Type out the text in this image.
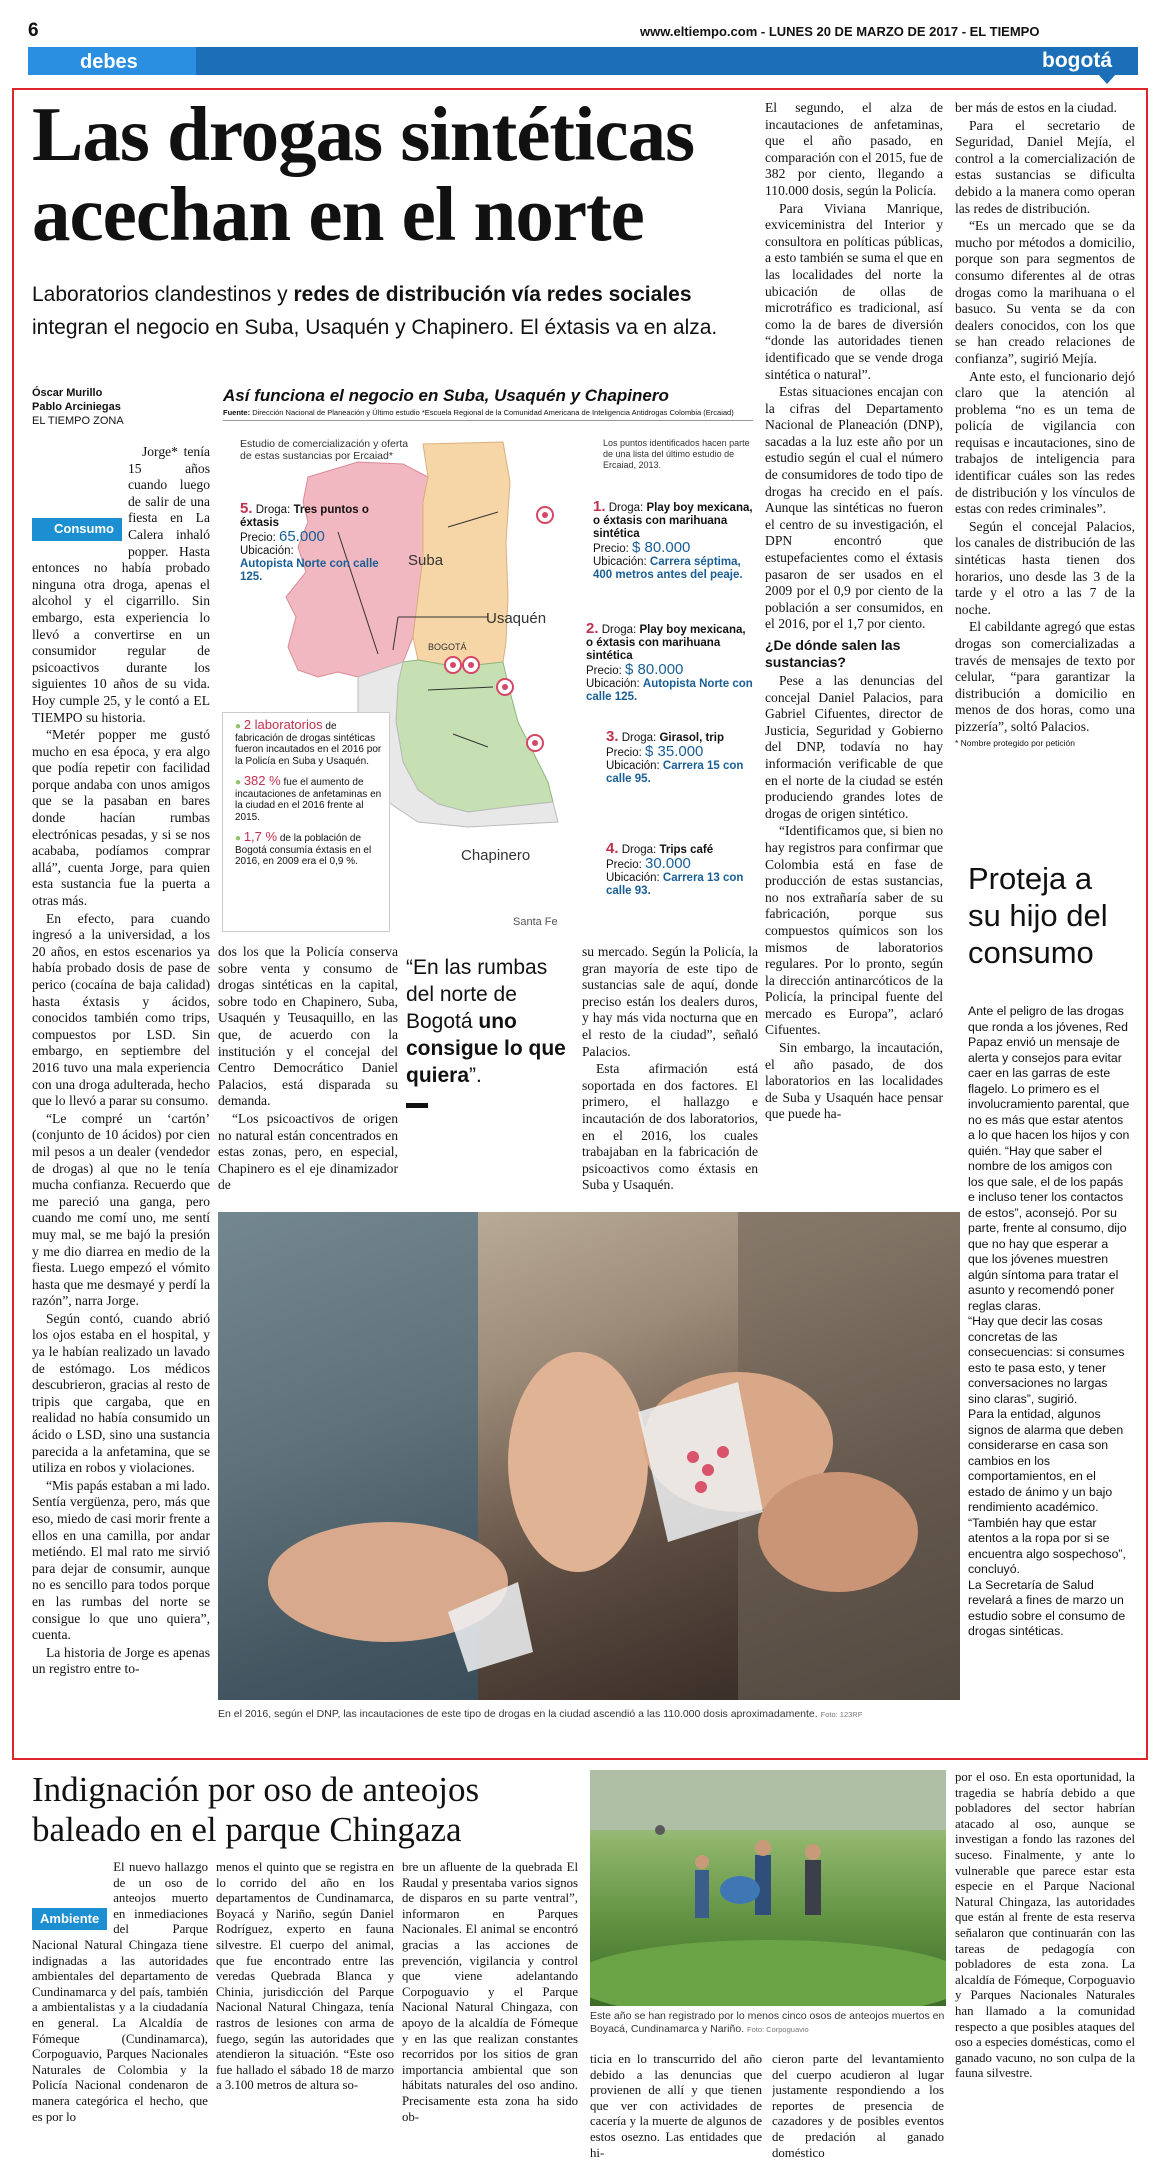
6	www.eltiempo.com - LUNES 20 DE MARZO DE 2017 - EL TIEMPO
debes saber
bogotá
Las drogas sintéticas
acechan en el norte
Laboratorios clandestinos y redes de distribución vía redes sociales
integran el negocio en Suba, Usaquén y Chapinero. El éxtasis va en alza.
Óscar Murillo
Pablo Arciniegas
EL TIEMPO ZONA

Consumo
Jorge* tenía 15 años cuando luego de salir de una fiesta en La Calera inhaló popper. Hasta entonces no había probado ninguna otra droga, apenas el alcohol y el cigarrillo. Sin embargo, esta experiencia lo llevó a convertirse en un consumidor regular de psicoactivos durante los siguientes 10 años de su vida. Hoy cumple 25, y le contó a EL TIEMPO su historia.

“Metér popper me gustó mucho en esa época, y era algo que podía repetir con facilidad porque andaba con unos amigos que se la pasaban en bares donde hacían rumbas electrónicas pesadas, y si se nos acababa, podíamos comprar allá”, cuenta Jorge, para quien esta sustancia fue la puerta a otras más.

En efecto, para cuando ingresó a la universidad, a los 20 años, en estos escenarios ya había probado dosis de pase de perico (cocaína de baja calidad) hasta éxtasis y ácidos, conocidos también como trips, compuestos por LSD. Sin embargo, en septiembre del 2016 tuvo una mala experiencia con una droga adulterada, hecho que lo llevó a parar su consumo.

“Le compré un ‘cartón’ (conjunto de 10 ácidos) por cien mil pesos a un dealer (vendedor de drogas) al que no le tenía mucha confianza. Recuerdo que me pareció una ganga, pero cuando me comí uno, me sentí muy mal, se me bajó la presión y me dio diarrea en medio de la fiesta. Luego empezó el vómito hasta que me desmayé y perdí la razón”, narra Jorge.

Según contó, cuando abrió los ojos estaba en el hospital, y ya le habían realizado un lavado de estómago. Los médicos descubrieron, gracias al resto de tripis que cargaba, que en realidad no había consumido un ácido o LSD, sino una sustancia parecida a la anfetamina, que se utiliza en robos y violaciones.

“Mis papás estaban a mi lado. Sentía vergüenza, pero, más que eso, miedo de casi morir frente a ellos en una camilla, por andar metiéndo. El mal rato me sirvió para dejar de consumir, aunque no es sencillo para todos porque en las rumbas del norte se consigue lo que uno quiera”, cuenta.

La historia de Jorge es apenas un registro entre to-

Así funciona el negocio en Suba, Usaquén y Chapinero
Fuente: Dirección Nacional de Planeación y Último estudio *Escuela Regional de la Comunidad Americana de Inteligencia Antidrogas Colombia (Ercaiad)
Suba
Usaquén
Chapinero
BOGOTÁ
Santa Fe
Estudio de comercialización y oferta de estas sustancias por Ercaiad*
Los puntos identificados hacen parte de una lista del último estudio de Ercaiad, 2013.
5. Droga: Tres puntos o éxtasis
Precio: 65.000
Ubicación:
Autopista Norte con calle 125.
1. Droga: Play boy mexicana, o éxtasis con marihuana sintética
Precio: $ 80.000
Ubicación: Carrera séptima, 400 metros antes del peaje.
2. Droga: Play boy mexicana, o éxtasis con marihuana sintética
Precio: $ 80.000
Ubicación: Autopista Norte con calle 125.
3. Droga: Girasol, trip
Precio: $ 35.000
Ubicación: Carrera 15 con calle 95.
4. Droga: Trips café
Precio: 30.000
Ubicación: Carrera 13 con calle 93.
● 2 laboratorios de fabricación de drogas sintéticas fueron incautados en el 2016 por la Policía en Suba y Usaquén.
● 382 % fue el aumento de incautaciones de anfetaminas en la ciudad en el 2016 frente al 2015.
● 1,7 % de la población de Bogotá consumía éxtasis en el 2016, en 2009 era el 0,9 %.

dos los que la Policía conserva sobre venta y consumo de drogas sintéticas en la capital, sobre todo en Chapinero, Suba, Usaquén y Teusaquillo, en las que, de acuerdo con la institución y el concejal del Centro Democrático Daniel Palacios, está disparada su demanda.

“Los psicoactivos de origen no natural están concentrados en estas zonas, pero, en especial, Chapinero es el eje dinamizador de

“En las rumbas del norte de Bogotá uno consigue lo que quiera”.

su mercado. Según la Policía, la gran mayoría de este tipo de sustancias sale de aquí, donde preciso están los dealers duros, y hay más vida nocturna que en el resto de la ciudad”, señaló Palacios.

Esta afirmación está soportada en dos factores. El primero, el hallazgo e incautación de dos laboratorios, en el 2016, los cuales trabajaban en la fabricación de psicoactivos como éxtasis en Suba y Usaquén.

El segundo, el alza de incautaciones de anfetaminas, que el año pasado, en comparación con el 2015, fue de 382 por ciento, llegando a 110.000 dosis, según la Policía.

Para Viviana Manrique, exviceministra del Interior y consultora en políticas públicas, a esto también se suma el que en las localidades del norte la ubicación de ollas de microtráfico es tradicional, así como la de bares de diversión “donde las autoridades tienen identificado que se vende droga sintética o natural”.

Estas situaciones encajan con la cifras del Departamento Nacional de Planeación (DNP), sacadas a la luz este año por un estudio según el cual el número de consumidores de todo tipo de drogas ha crecido en el país. Aunque las sintéticas no fueron el centro de su investigación, el DPN encontró que estupefacientes como el éxtasis pasaron de ser usados en el 2009 por el 0,9 por ciento de la población a ser consumidos, en el 2016, por el 1,7 por ciento.

¿De dónde salen las sustancias?

Pese a las denuncias del concejal Daniel Palacios, para Gabriel Cifuentes, director de Justicia, Seguridad y Gobierno del DNP, todavía no hay información verificable de que en el norte de la ciudad se estén produciendo grandes lotes de drogas de origen sintético.

“Identificamos que, si bien no hay registros para confirmar que Colombia está en fase de producción de estas sustancias, no nos extrañaría saber de su fabricación, porque sus compuestos químicos son los mismos de laboratorios regulares. Por lo pronto, según la dirección antinarcóticos de la Policía, la principal fuente del mercado es Europa”, aclaró Cifuentes.

Sin embargo, la incautación, el año pasado, de dos laboratorios en las localidades de Suba y Usaquén hace pensar que puede ha-

ber más de estos en la ciudad.

Para el secretario de Seguridad, Daniel Mejía, el control a la comercialización de estas sustancias se dificulta debido a la manera como operan las redes de distribución.

“Es un mercado que se da mucho por métodos a domicilio, porque son para segmentos de consumo diferentes al de otras drogas como la marihuana o el basuco. Su venta se da con dealers conocidos, con los que se han creado relaciones de confianza”, sugirió Mejía.

Ante esto, el funcionario dejó claro que la atención al problema “no es un tema de policía de vigilancia con requisas e incautaciones, sino de trabajos de inteligencia para identificar cuáles son las redes de distribución y los vínculos de estas con redes criminales”.

Según el concejal Palacios, los canales de distribución de las sintéticas hasta tienen dos horarios, uno desde las 3 de la tarde y el otro a las 7 de la noche.

El cabildante agregó que estas drogas son comercializadas a través de mensajes de texto por celular, “para garantizar la distribución a domicilio en menos de dos horas, como una pizzería”, soltó Palacios.

* Nombre protegido por petición

Proteja a su hijo del consumo
Ante el peligro de las drogas que ronda a los jóvenes, Red Papaz envió un mensaje de alerta y consejos para evitar caer en las garras de este flagelo. Lo primero es el involucramiento parental, que no es más que estar atentos a lo que hacen los hijos y con quién. “Hay que saber el nombre de los amigos con los que sale, el de los papás e incluso tener los contactos de estos”, aconsejó. Por su parte, frente al consumo, dijo que no hay que esperar a que los jóvenes muestren algún síntoma para tratar el asunto y recomendó poner reglas claras.
“Hay que decir las cosas concretas de las consecuencias: si consumes esto te pasa esto, y tener conversaciones no largas sino claras”, sugirió.
Para la entidad, algunos signos de alarma que deben considerarse en casa son cambios en los comportamientos, en el estado de ánimo y un bajo rendimiento académico. “También hay que estar atentos a la ropa por si se encuentra algo sospechoso”, concluyó.
La Secretaría de Salud revelará a fines de marzo un estudio sobre el consumo de drogas sintéticas.
En el 2016, según el DNP, las incautaciones de este tipo de drogas en la ciudad ascendió a las 110.000 dosis aproximadamente. Foto: 123RF
Indignación por oso de anteojos
baleado en el parque Chingaza

Ambiente
El nuevo hallazgo de un oso de anteojos muerto en inmediaciones del Parque Nacional Natural Chingaza tiene indignadas a las autoridades ambientales del departamento de Cundinamarca y del país, también a ambientalistas y a la ciudadanía en general. La Alcaldía de Fómeque (Cundinamarca), Corpoguavio, Parques Nacionales Naturales de Colombia y la Policía Nacional condenaron de manera categórica el hecho, que es por lo

menos el quinto que se registra en lo corrido del año en los departamentos de Cundinamarca, Boyacá y Nariño, según Daniel Rodríguez, experto en fauna silvestre. El cuerpo del animal, que fue encontrado entre las veredas Quebrada Blanca y Chinia, jurisdicción del Parque Nacional Natural Chingaza, tenía rastros de lesiones con arma de fuego, según las autoridades que atendieron la situación. “Este oso fue hallado el sábado 18 de marzo a 3.100 metros de altura so-

bre un afluente de la quebrada El Raudal y presentaba varios signos de disparos en su parte ventral”, informaron en Parques Nacionales. El animal se encontró gracias a las acciones de prevención, vigilancia y control que viene adelantando Corpoguavio y el Parque Nacional Natural Chingaza, con apoyo de la alcaldía de Fómeque y en las que realizan constantes recorridos por los sitios de gran importancia ambiental que son hábitats naturales del oso andino. Precisamente esta zona ha sido ob-

Este año se han registrado por lo menos cinco osos de anteojos muertos en Boyacá, Cundinamarca y Nariño. Foto: Corpoguavio

ticia en lo transcurrido del año debido a las denuncias que provienen de allí y que tienen que ver con actividades de cacería y la muerte de algunos de estos osezno. Las entidades que hi-

cieron parte del levantamiento del cuerpo acudieron al lugar justamente respondiendo a los reportes de presencia de cazadores y de posibles eventos de predación al ganado doméstico

por el oso. En esta oportunidad, la tragedia se habría debido a que pobladores del sector habrían atacado al oso, aunque se investigan a fondo las razones del suceso. Finalmente, y ante lo vulnerable que parece estar esta especie en el Parque Nacional Natural Chingaza, las autoridades que están al frente de esta reserva señalaron que continuarán con las tareas de pedagogía con pobladores de esta zona. La alcaldía de Fómeque, Corpoguavio y Parques Nacionales Naturales han llamado a la comunidad respecto a que posibles ataques del oso a especies domésticas, como el ganado vacuno, no son culpa de la fauna silvestre.
